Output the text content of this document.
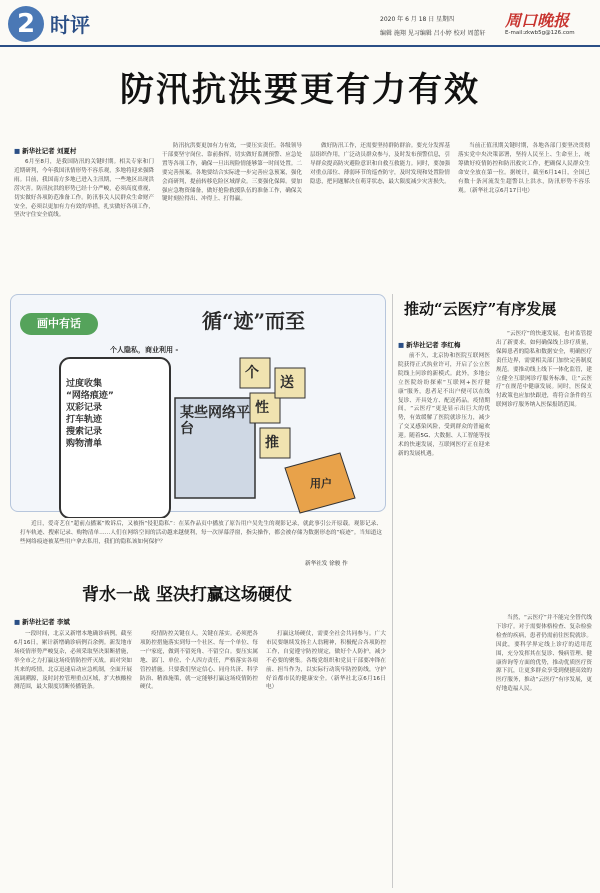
2 时评	2020 年 6 月 18 日 星期四
编辑 施翔 见习编辑 吕小婷 校对 周蕾轩
周口晚报
E-mail:zkwb5g@126.com
防汛抗洪要更有力有效
■ 新华社记者 刘夏村

6月至8月，是我国防汛的关键时期。相关专家和门近期研判，今年我国汛情形势不容乐观，多地将迎来强降雨。目前，我国南方多地已进入主汛期，一些地区出现洪涝灾害。防汛抗洪的形势已经十分严峻，必须高度重视，切实做好各项防范准备工作。防汛事关人民群众生命财产安全，必须以更加有力有效的举措，扎实做好各项工作，坚决守住安全底线。

防汛抗洪要更加有力有效，一要压实责任。各级领导干部要坚守岗位、靠前指挥，切实做好监测预警、应急处置等各项工作，确保一旦出现险情能够第一时间处置。二要完善预案。各地要结合实际进一步完善应急预案，强化会商研判，提前转移危险区域群众。三要强化保障。要加强应急物资储备，做好抢险救援队伍的准备工作，确保关键时刻拉得出、冲得上、打得赢。

做好防汛工作，还需要坚持群防群治。要充分发挥基层组织作用，广泛动员群众参与，及时发布预警信息，引导群众提高防灾避险意识和自救互救能力。同时，要加强对重点部位、薄弱环节的巡查防守，及时发现和处置险情隐患，把问题解决在萌芽状态，最大限度减少灾害损失。

当前正值汛期关键时期，各地各部门要坚决贯彻落实党中央决策部署，坚持人民至上、生命至上，统筹做好疫情防控和防汛救灾工作，把确保人民群众生命安全放在第一位。据统计，截至6月14日，全国已有数十条河流发生超警以上洪水，防汛形势不容乐观。（新华社北京6月17日电）

画中有话	循“迹”而至
个人隐私，商业利用 -
过度收集
“网络痕迹”
双彩记录
打车轨迹
搜索记录
购物清单
某些网络平台
个
性
推
送
用户

近日，爱奇艺在“超前点播案”败诉后，又被指“侵犯隐私”：在某作品页中播放了原告用户吴先生的观影记录，就此事引公开原载。观影记录、打车轨迹、搜索记录、购物清单……人们在网络空间的活动越来越便利，每一次屏幕浮窗，指尖操作，都会被存储为数据形态的“痕迹”。当知道这些网络痕迹被某些用户拿去私用，我们的隐私该如何保护？

新华社发 徐骏 作
背水一战 坚决打赢这场硬仗
■ 新华社记者 李斌

一段时间，北京又新增本地确诊病例，截至6月16日，累计新增确诊病例百余例。新发地市场疫情形势严峻复杂，必须采取坚决果断措施，举全市之力打赢这场疫情防控歼灭战。面对突如其来的疫情，北京迅速启动应急机制，全面开展流调溯源，及时封控管理重点区域，扩大核酸检测范围，最大限度切断传播链条。

疫情防控关键在人，关键在落实。必须把各项防控措施落实到每一个社区、每一个单位、每一户家庭，做到不留死角、不留空白。要压实属地、部门、单位、个人四方责任，严格落实各项管控措施。只要我们坚定信心、同舟共济、科学防治、精准施策，就一定能够打赢这场疫情防控硬仗。

打赢这场硬仗，需要全社会共同参与。广大市民要继续发扬主人翁精神，积极配合各项防控工作，自觉遵守防控规定，做好个人防护，减少不必要的聚集。各级党组织和党员干部要冲锋在前、担当作为，以实际行动筑牢防控防线，守护好首都市民的健康安全。（新华社北京6月16日电）

推动“云医疗”有序发展
■ 新华社记者 李红梅

前不久，北京协和医院互联网医院获得正式执业许可，开启了公立医院线上问诊的新模式。此外，多地公立医院纷纷探索“互联网+医疗健康”服务，患者足不出户便可以在线复诊、开具处方、配送药品。疫情期间，“云医疗”更是显示出巨大的优势，有效缓解了医院就诊压力，减少了交叉感染风险，受到群众的普遍欢迎。随着5G、大数据、人工智能等技术的快速发展，互联网医疗正在迎来新的发展机遇。

“云医疗”的快速发展，也对监管提出了新要求。如何确保线上诊疗质量，保障患者的隐私和数据安全，明确医疗责任边界，需要相关部门加快完善制度规范。要推动线上线下一体化监管，建立健全互联网诊疗服务标准，让“云医疗”在规范中健康发展。同时，医保支付政策也应加快跟进，将符合条件的互联网诊疗服务纳入医保报销范围。

当然，“云医疗”并不能完全替代线下诊疗。对于需要体格检查、复杂检验检查的疾病，患者仍需前往医院就诊。因此，要科学界定线上诊疗的适用范围，充分发挥其在复诊、慢病管理、健康咨询等方面的优势，推动优质医疗资源下沉，让更多群众享受到便捷高效的医疗服务，推动“云医疗”有序发展，更好地造福人民。
